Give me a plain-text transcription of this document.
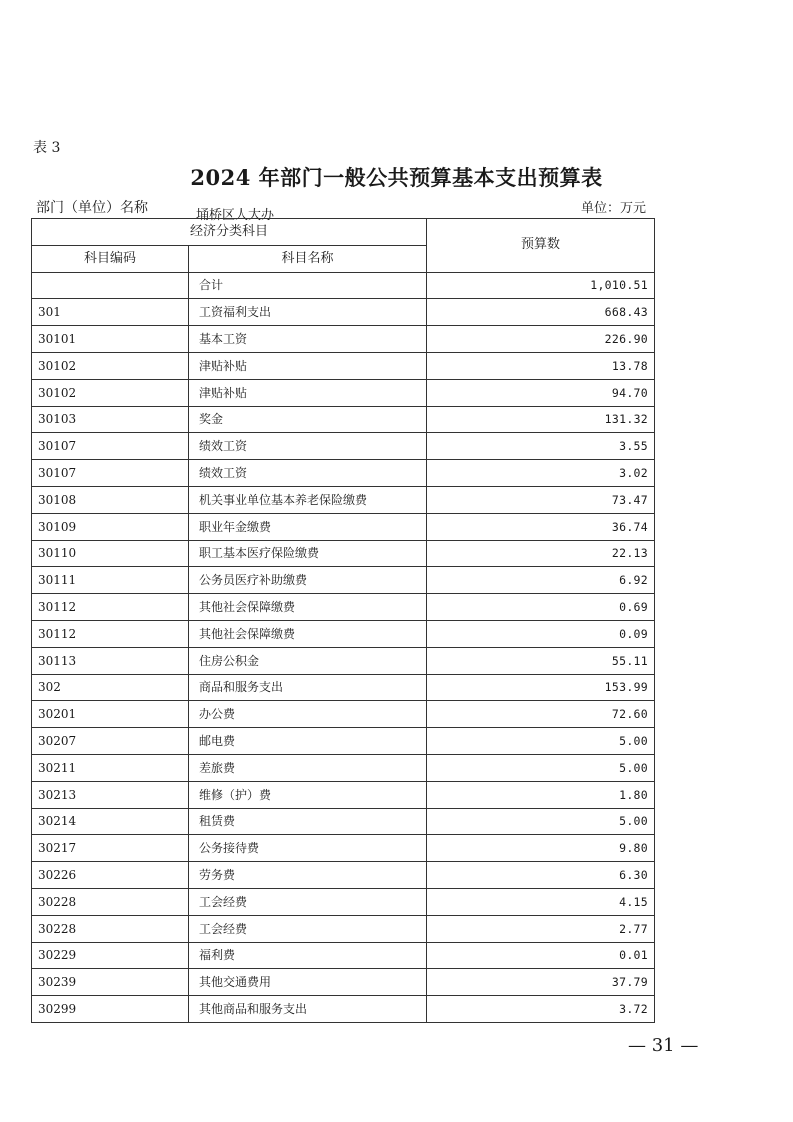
表 3
2024 年部门一般公共预算基本支出预算表
部门（单位）名称	埇桥区人大办	单位：万元
经济分类科目		预算数
科目编码	科目名称	
	合计	1,010.51
301	工资福利支出	668.43
30101	基本工资	226.90
30102	津贴补贴	13.78
30102	津贴补贴	94.70
30103	奖金	131.32
30107	绩效工资	3.55
30107	绩效工资	3.02
30108	机关事业单位基本养老保险缴费	73.47
30109	职业年金缴费	36.74
30110	职工基本医疗保险缴费	22.13
30111	公务员医疗补助缴费	6.92
30112	其他社会保障缴费	0.69
30112	其他社会保障缴费	0.09
30113	住房公积金	55.11
302	商品和服务支出	153.99
30201	办公费	72.60
30207	邮电费	5.00
30211	差旅费	5.00
30213	维修（护）费	1.80
30214	租赁费	5.00
30217	公务接待费	9.80
30226	劳务费	6.30
30228	工会经费	4.15
30228	工会经费	2.77
30229	福利费	0.01
30239	其他交通费用	37.79
30299	其他商品和服务支出	3.72
— 31 —
